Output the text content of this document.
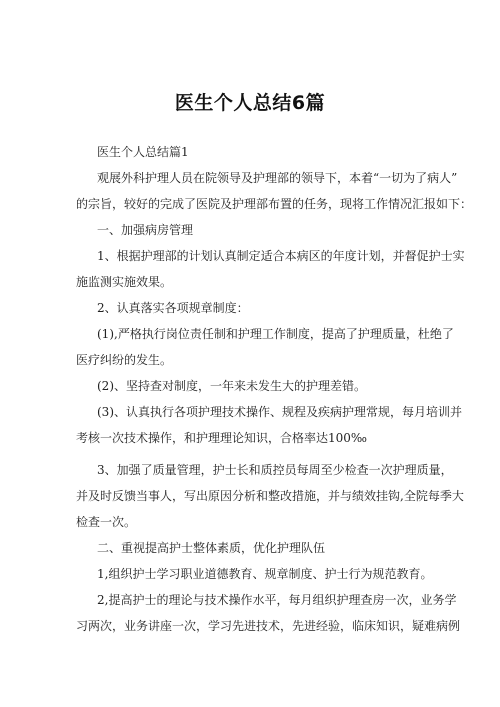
医生个人总结6篇
医生个人总结篇1
观展外科护理人员在院领导及护理部的领导下，本着“一切为了病人”
的宗旨，较好的完成了医院及护理部布置的任务，现将工作情况汇报如下：
一、加强病房管理
1、根据护理部的计划认真制定适合本病区的年度计划，并督促护士实
施监测实施效果。
2、认真落实各项规章制度：
(1),严格执行岗位责任制和护理工作制度，提高了护理质量，杜绝了
医疗纠纷的发生。
(2)、坚持查对制度，一年来未发生大的护理差错。
(3)、认真执行各项护理技术操作、规程及疾病护理常规，每月培训并
考核一次技术操作，和护理理论知识，合格率达100‰
3、加强了质量管理，护士长和质控员每周至少检查一次护理质量，
并及时反馈当事人，写出原因分析和整改措施，并与绩效挂钩,全院每季大
检查一次。
二、重视提高护士整体素质，优化护理队伍
1,组织护士学习职业道德教育、规章制度、护士行为规范教育。
2,提高护士的理论与技术操作水平，每月组织护理查房一次，业务学
习两次，业务讲座一次，学习先进技术，先进经验，临床知识，疑难病例
